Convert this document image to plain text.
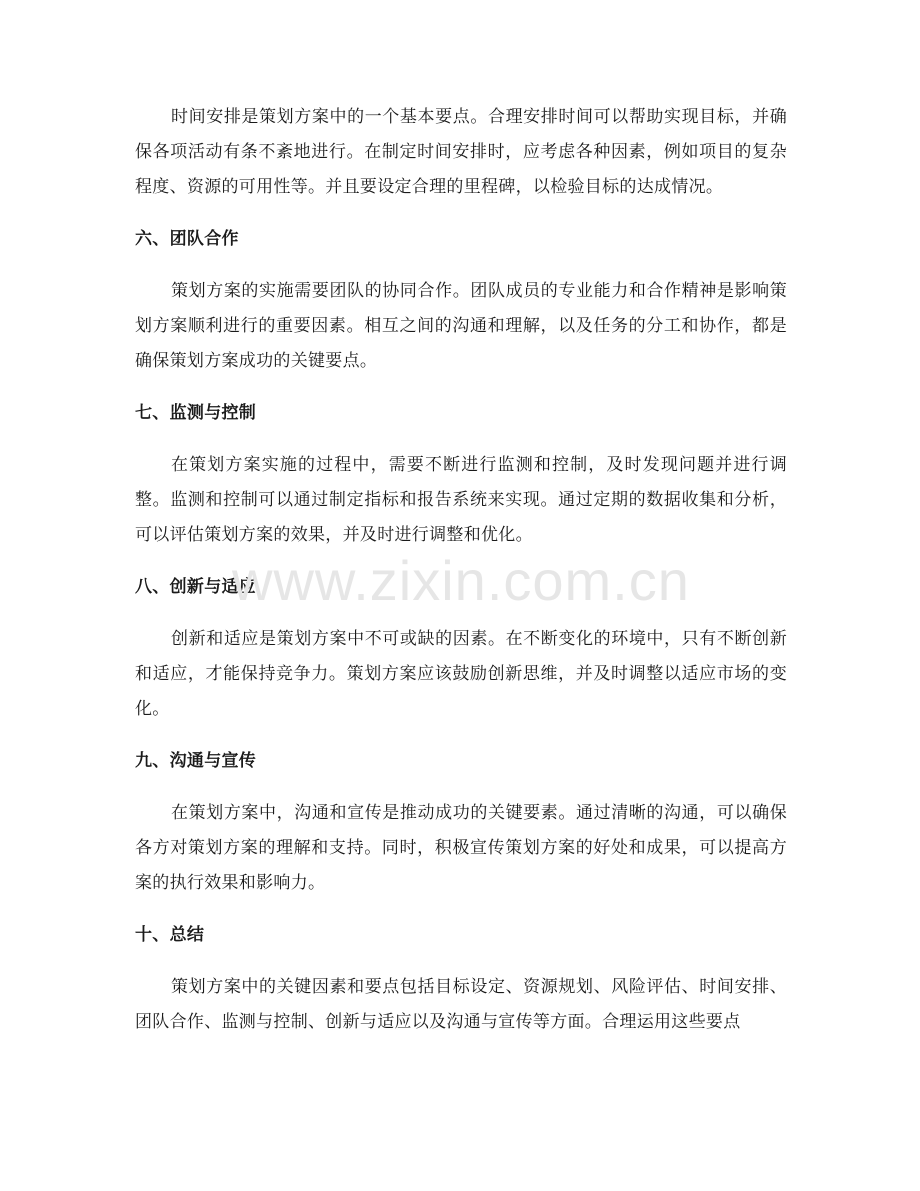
时间安排是策划方案中的一个基本要点。合理安排时间可以帮助实现目标，并确保各项活动有条不紊地进行。在制定时间安排时，应考虑各种因素，例如项目的复杂程度、资源的可用性等。并且要设定合理的里程碑，以检验目标的达成情况。

六、团队合作

策划方案的实施需要团队的协同合作。团队成员的专业能力和合作精神是影响策划方案顺利进行的重要因素。相互之间的沟通和理解，以及任务的分工和协作，都是确保策划方案成功的关键要点。

七、监测与控制

在策划方案实施的过程中，需要不断进行监测和控制，及时发现问题并进行调整。监测和控制可以通过制定指标和报告系统来实现。通过定期的数据收集和分析，可以评估策划方案的效果，并及时进行调整和优化。

八、创新与适应

创新和适应是策划方案中不可或缺的因素。在不断变化的环境中，只有不断创新和适应，才能保持竞争力。策划方案应该鼓励创新思维，并及时调整以适应市场的变化。

九、沟通与宣传

在策划方案中，沟通和宣传是推动成功的关键要素。通过清晰的沟通，可以确保各方对策划方案的理解和支持。同时，积极宣传策划方案的好处和成果，可以提高方案的执行效果和影响力。

十、总结

策划方案中的关键因素和要点包括目标设定、资源规划、风险评估、时间安排、团队合作、监测与控制、创新与适应以及沟通与宣传等方面。合理运用这些要点

www.zixin.com.cn
